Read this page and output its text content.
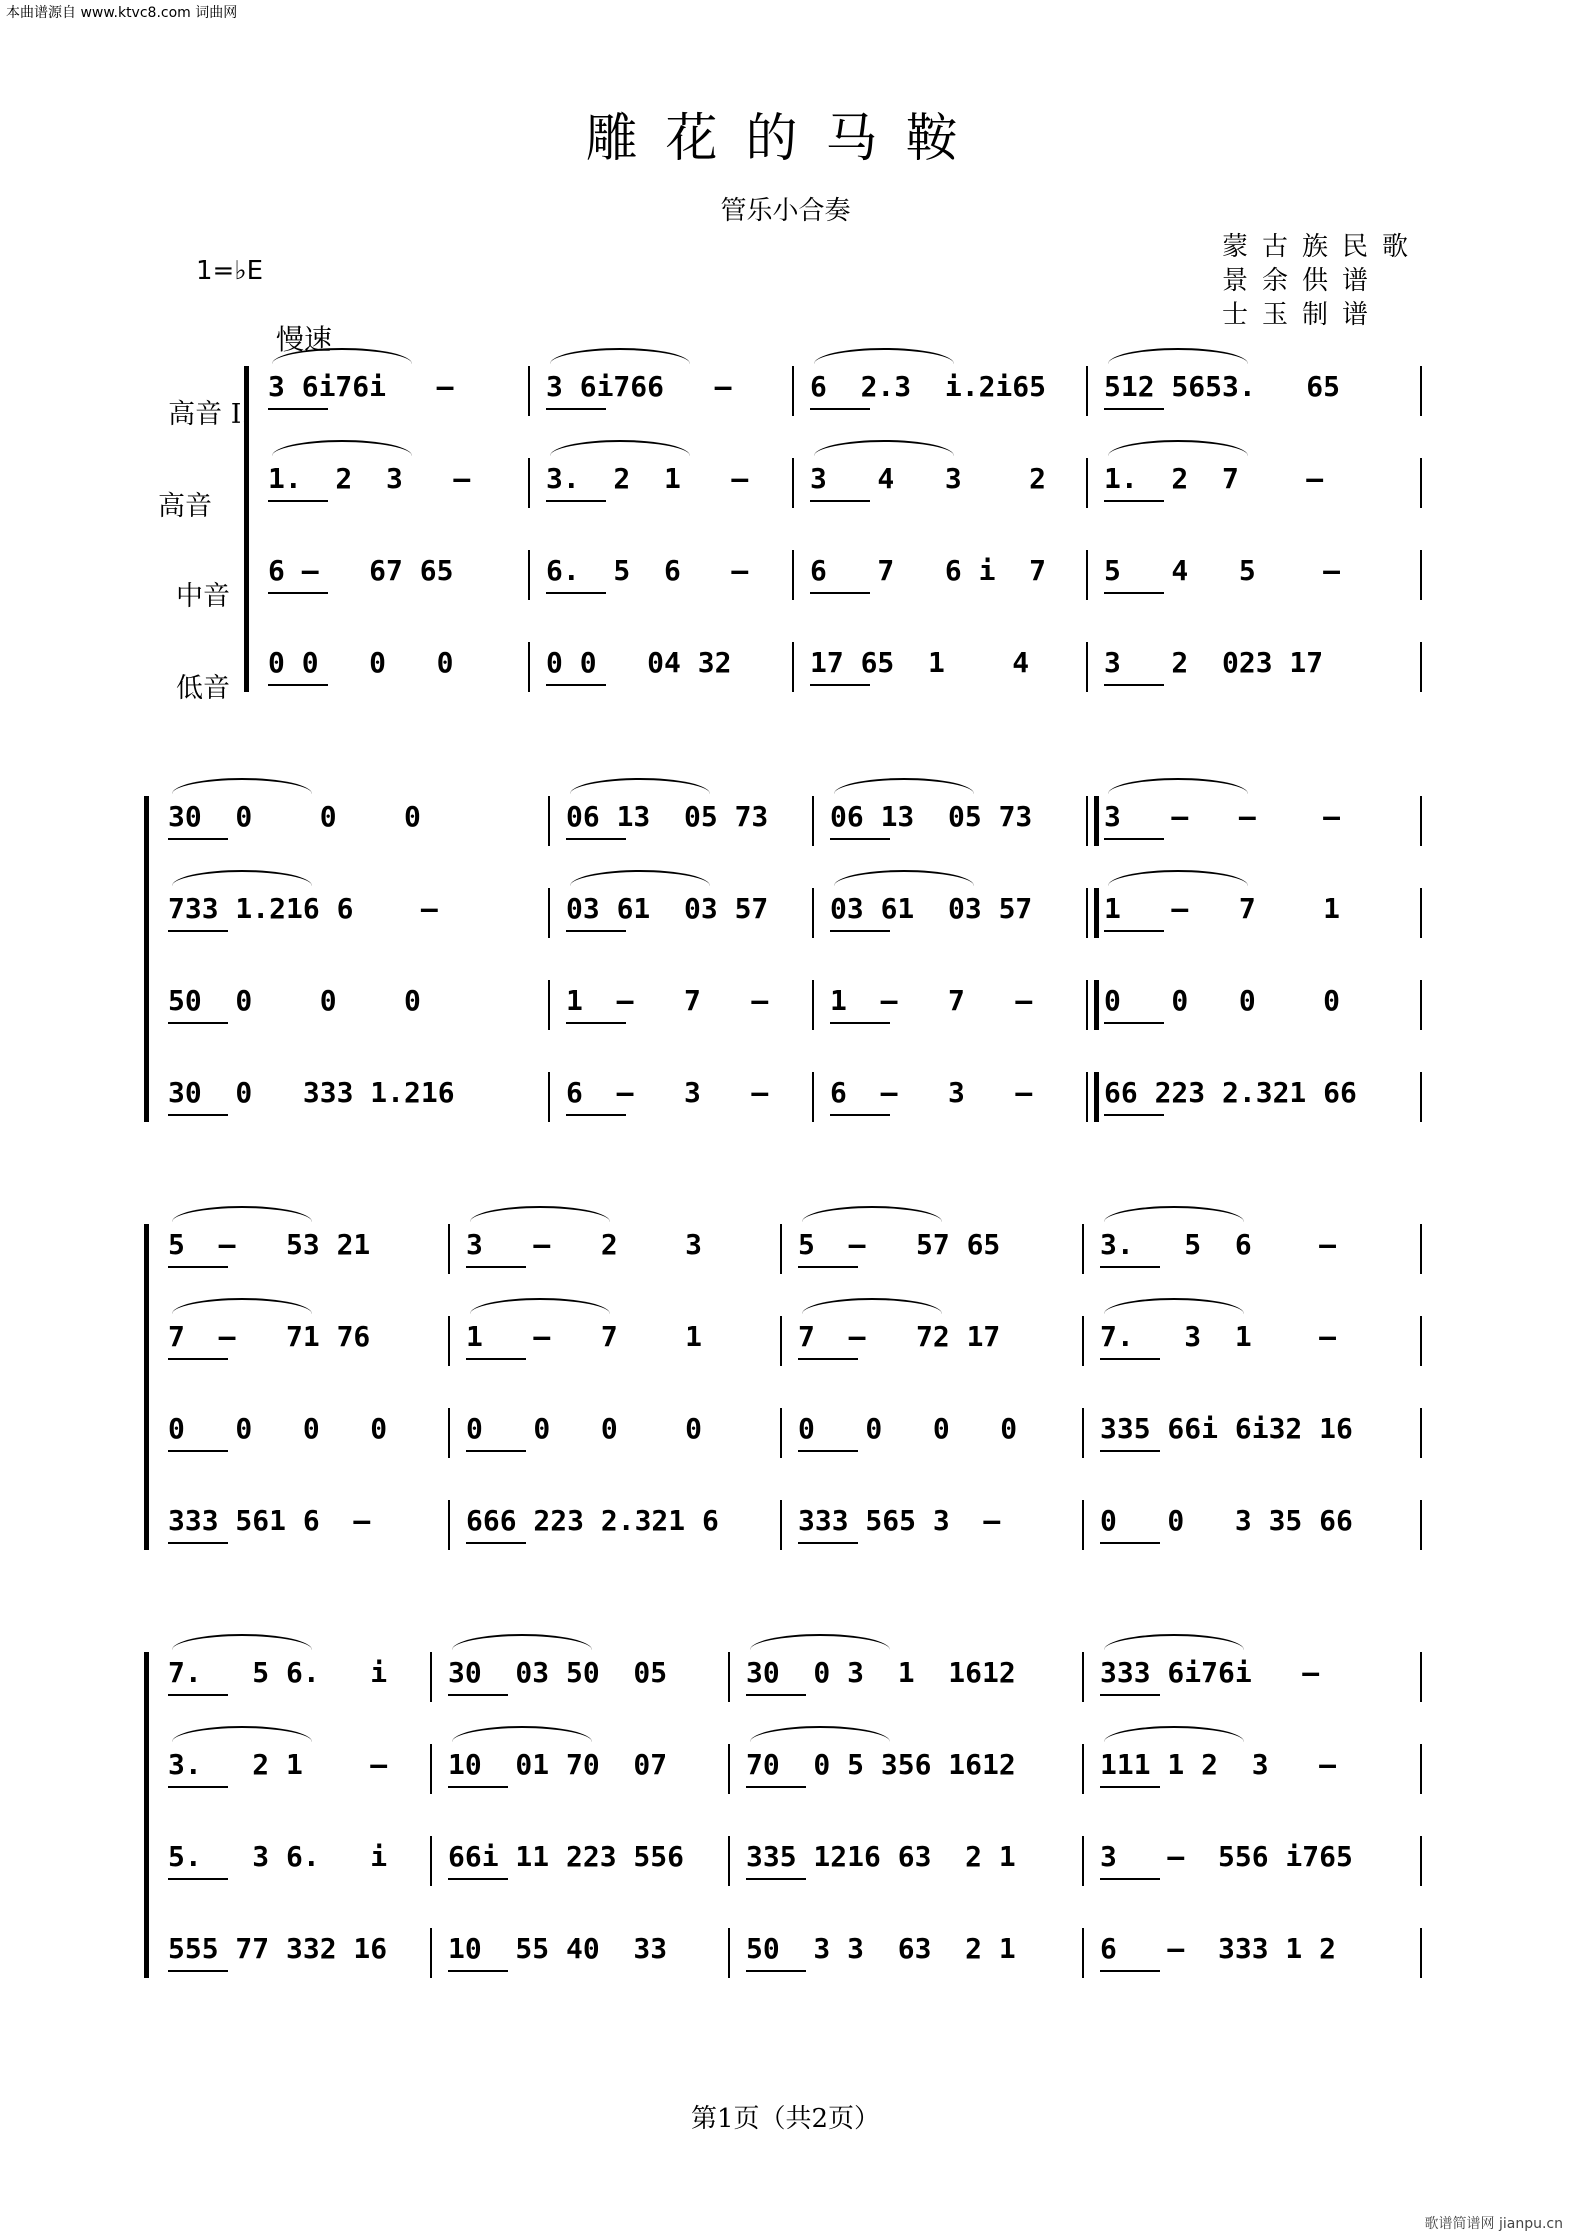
本曲谱源自 www.ktvc8.com 词曲网
雕花的马鞍
管乐小合奏
蒙古族民歌
景余供谱
士玉制谱
1=♭E
慢速
高音 I.
高音
中音
低音
3 6i76i   –	3 6i766   –	6  2.3  i.2i65	512 5653.   65
1.  2  3   –	3.  2  1   –	3   4   3    2	1.  2  7    –
6 –   67 65	6.  5  6   –	6   7   6 i  7	5   4   5    –
0 0   0   0	0 0   04 32	17 65  1    4	3   2  023 17
30  0    0    0	06 13  05 73	06 13  05 73	3   –   –    –
733 1.216 6    –	03 61  03 57	03 61  03 57	1   –   7    1
50  0    0    0	1  –   7   –	1  –   7   –	0   0   0    0
30  0   333 1.216	6  –   3   –	6  –   3   –	66 223 2.321 66
5  –   53 21	3   –   2    3	5  –   57 65	3.   5  6    –
7  –   71 76	1   –   7    1	7  –   72 17	7.   3  1    –
0   0   0   0	0   0   0    0	0   0   0   0	335 66i 6i32 16
333 561 6  –	666 223 2.321 6	333 565 3  –	0   0   3 35 66
7.   5 6.   i	30  03 50  05	30  0 3  1  1612	333 6i76i   –
3.   2 1    –	10  01 70  07	70  0 5 356 1612	111 1 2  3   –
5.   3 6.   i	66i 11 223 556	335 1216 63  2 1	3   –  556 i765
555 77 332 16	10  55 40  33	50  3 3  63  2 1	6   –  333 1 2
第1页（共2页）
歌谱简谱网 jianpu.cn
